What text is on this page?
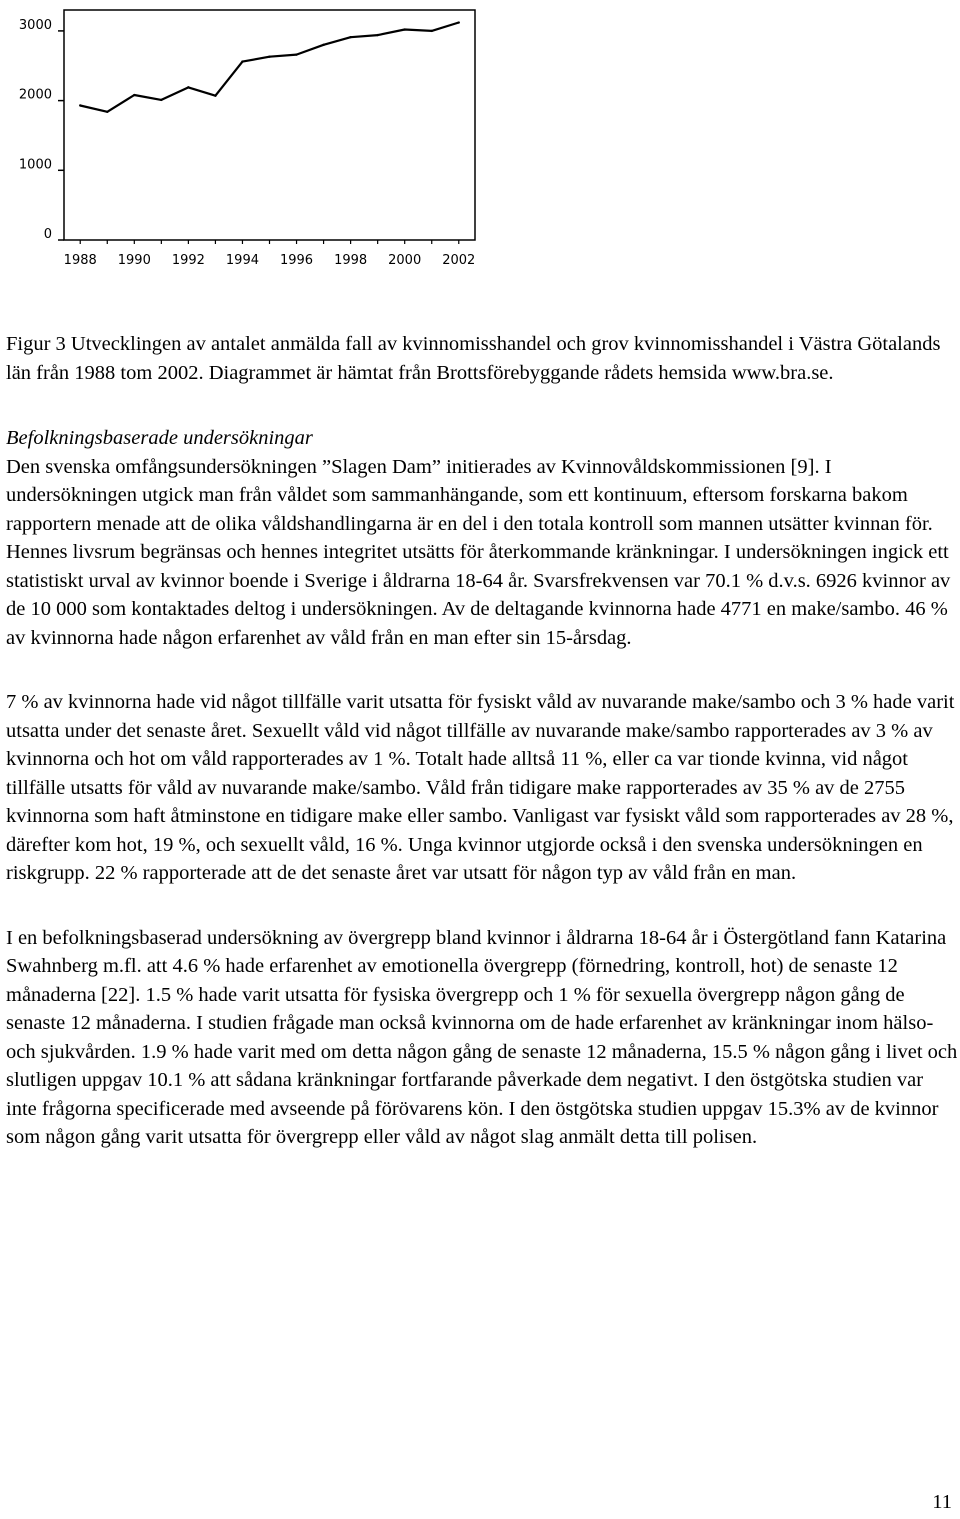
0
1000
2000
3000
1988 1990 1992 1994 1996 1998 2000 2002

Figur 3 Utvecklingen av antalet anmälda fall av kvinnomisshandel och grov kvinnomisshandel i Västra Götalands län från 1988 tom 2002. Diagrammet är hämtat från Brottsförebyggande rådets hemsida www.bra.se.

Befolkningsbaserade undersökningar

Den svenska omfångsundersökningen ”Slagen Dam” initierades av Kvinnovåldskommissionen [9]. I undersökningen utgick man från våldet som sammanhängande, som ett kontinuum, eftersom forskarna bakom rapportern menade att de olika våldshandlingarna är en del i den totala kontroll som mannen utsätter kvinnan för. Hennes livsrum begränsas och hennes integritet utsätts för återkommande kränkningar. I undersökningen ingick ett statistiskt urval av kvinnor boende i Sverige i åldrarna 18-64 år. Svarsfrekvensen var 70.1 % d.v.s. 6926 kvinnor av de 10 000 som kontaktades deltog i undersökningen. Av de deltagande kvinnorna hade 4771 en make/sambo. 46 % av kvinnorna hade någon erfarenhet av våld från en man efter sin 15-årsdag.

7 % av kvinnorna hade vid något tillfälle varit utsatta för fysiskt våld av nuvarande make/sambo och 3 % hade varit utsatta under det senaste året. Sexuellt våld vid något tillfälle av nuvarande make/sambo rapporterades av 3 % av kvinnorna och hot om våld rapporterades av 1 %. Totalt hade alltså 11 %, eller ca var tionde kvinna, vid något tillfälle utsatts för våld av nuvarande make/sambo. Våld från tidigare make rapporterades av 35 % av de 2755 kvinnorna som haft åtminstone en tidigare make eller sambo. Vanligast var fysiskt våld som rapporterades av 28 %, därefter kom hot, 19 %, och sexuellt våld, 16 %. Unga kvinnor utgjorde också i den svenska undersökningen en riskgrupp. 22 % rapporterade att de det senaste året var utsatt för någon typ av våld från en man.

I en befolkningsbaserad undersökning av övergrepp bland kvinnor i åldrarna 18-64 år i Östergötland fann Katarina Swahnberg m.fl. att 4.6 % hade erfarenhet av emotionella övergrepp (förnedring, kontroll, hot) de senaste 12 månaderna [22]. 1.5 % hade varit utsatta för fysiska övergrepp och 1 % för sexuella övergrepp någon gång de senaste 12 månaderna. I studien frågade man också kvinnorna om de hade erfarenhet av kränkningar inom hälso- och sjukvården. 1.9 % hade varit med om detta någon gång de senaste 12 månaderna, 15.5 % någon gång i livet och slutligen uppgav 10.1 % att sådana kränkningar fortfarande påverkade dem negativt. I den östgötska studien var inte frågorna specificerade med avseende på förövarens kön. I den östgötska studien uppgav 15.3% av de kvinnor som någon gång varit utsatta för övergrepp eller våld av något slag anmält detta till polisen.

11
